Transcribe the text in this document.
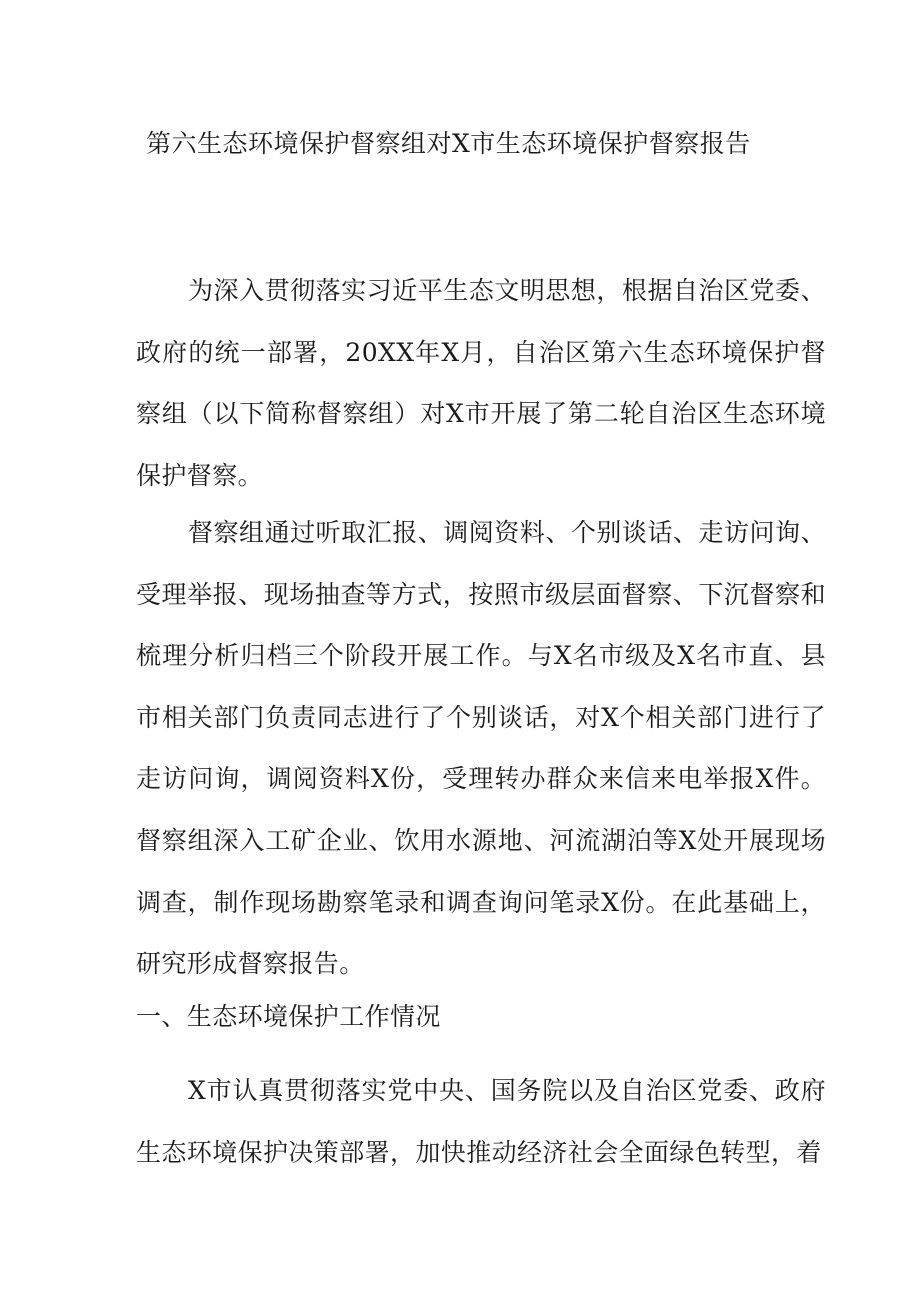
第六生态环境保护督察组对X市生态环境保护督察报告

为深入贯彻落实习近平生态文明思想，根据自治区党委、政府的统一部署，20XX年X月，自治区第六生态环境保护督察组（以下简称督察组）对X市开展了第二轮自治区生态环境保护督察。

督察组通过听取汇报、调阅资料、个别谈话、走访问询、受理举报、现场抽查等方式，按照市级层面督察、下沉督察和梳理分析归档三个阶段开展工作。与X名市级及X名市直、县市相关部门负责同志进行了个别谈话，对X个相关部门进行了走访问询，调阅资料X份，受理转办群众来信来电举报X件。督察组深入工矿企业、饮用水源地、河流湖泊等X处开展现场调查，制作现场勘察笔录和调查询问笔录X份。在此基础上，研究形成督察报告。

一、生态环境保护工作情况

X市认真贯彻落实党中央、国务院以及自治区党委、政府生态环境保护决策部署，加快推动经济社会全面绿色转型，着
